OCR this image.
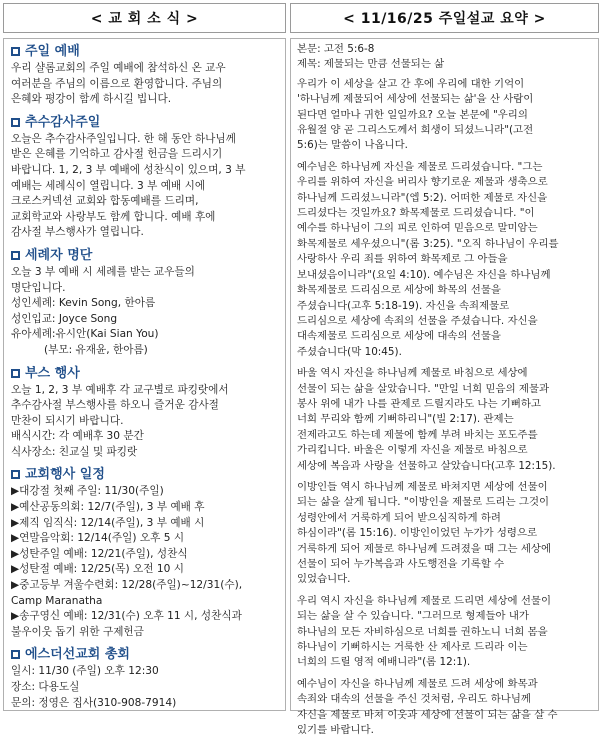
< 교 회 소 식 >	< 11/16/25 주일설교 요약 >
주일 예배
우리 샬롬교회의 주일 예배에 참석하신 온 교우
여러분을 주님의 이름으로 환영합니다. 주님의
은혜와 평강이 함께 하시길 빕니다.
추수감사주일
오늘은 추수감사주일입니다. 한 해 동안 하나님께
받은 은혜를 기억하고 감사절 헌금을 드리시기
바랍니다. 1, 2, 3 부 예배에 성찬식이 있으며, 3 부
예배는 세례식이 열립니다. 3 부 예배 시에
크로스커넥션 교회와 합동예배를 드리며,
교회학교와 사랑부도 함께 합니다. 예배 후에
감사절 부스행사가 열립니다.
세례자 명단
오늘 3 부 예배 시 세례를 받는 교우들의
명단입니다.
성인세례: Kevin Song, 한아름
성인입교: Joyce Song
유아세례:유시안(Kai Sian You)
(부모: 유재윤, 한아름)
부스 행사
오늘 1, 2, 3 부 예배후 각 교구별로 파킹랏에서
추수감사절 부스행사를 하오니 즐거운 감사절
만찬이 되시기 바랍니다.
배식시간: 각 예배후 30 분간
식사장소: 친교실 및 파킹랏
교회행사 일정
▶대강절 첫째 주일: 11/30(주일)
▶예산공동의회: 12/7(주일), 3 부 예배 후
▶제직 임직식: 12/14(주일), 3 부 예배 시
▶연말음악회: 12/14(주일) 오후 5 시
▶성탄주일 예배: 12/21(주일), 성찬식
▶성탄절 예배: 12/25(목) 오전 10 시
▶중고등부 겨울수련회: 12/28(주일)~12/31(수),
Camp Maranatha
▶송구영신 예배: 12/31(수) 오후 11 시, 성찬식과
불우이웃 돕기 위한 구제헌금
에스더선교회 총회
일시: 11/30 (주일) 오후 12:30
장소: 다용도실
문의: 정영은 집사(310-908-7914)
본문: 고전 5:6-8
제목: 제물되는 만큼 선물되는 삶
우리가 이 세상을 살고 간 후에 우리에 대한 기억이
'하나님께 제물되어 세상에 선물되는 삶'을 산 사람이
된다면 얼마나 귀한 일일까요? 오늘 본문에 "우리의
유월절 양 곧 그리스도께서 희생이 되셨느니라"(고전
5:6)는 말씀이 나옵니다.
예수님은 하나님께 자신을 제물로 드리셨습니다. "그는
우리를 위하여 자신을 버리사 향기로운 제물과 생축으로
하나님께 드리셨느니라"(엡 5:2). 어떠한 제물로 자신을
드리셨다는 것일까요? 화목제물로 드리셨습니다. "이
예수를 하나님이 그의 피로 인하여 믿음으로 말미암는
화목제물로 세우셨으니"(롬 3:25). "오직 하나님이 우리를
사랑하사 우리 죄를 위하여 화목제로 그 아들을
보내셨음이니라"(요일 4:10). 예수님은 자신을 하나님께
화목제물로 드리심으로 세상에 화목의 선물을
주셨습니다(고후 5:18-19). 자신을 속죄제물로
드리심으로 세상에 속죄의 선물을 주셨습니다. 자신을
대속제물로 드리심으로 세상에 대속의 선물을
주셨습니다(막 10:45).
바울 역시 자신을 하나님께 제물로 바침으로 세상에
선물이 되는 삶을 살았습니다. "만일 너희 믿음의 제물과
봉사 위에 내가 나를 관제로 드릴지라도 나는 기뻐하고
너희 무리와 함께 기뻐하리니"(빌 2:17). 관제는
전제라고도 하는데 제물에 함께 부려 바치는 포도주를
가리킵니다. 바울은 이렇게 자신을 제물로 바침으로
세상에 복음과 사랑을 선물하고 살았습니다(고후 12:15).
이방인들 역시 하나님께 제물로 바쳐지면 세상에 선물이
되는 삶을 살게 됩니다. "이방인을 제물로 드리는 그것이
성령안에서 거룩하게 되어 받으심직하게 하려
하심이라"(롬 15:16). 이방인이었던 누가가 성령으로
거룩하게 되어 제물로 하나님께 드려졌을 때 그는 세상에
선물이 되어 누가복음과 사도행전을 기록할 수
있었습니다.
우리 역시 자신을 하나님께 제물로 드리면 세상에 선물이
되는 삶을 살 수 있습니다. "그러므로 형제들아 내가
하나님의 모든 자비하심으로 너희를 권하노니 너희 몸을
하나님이 기뻐하시는 거룩한 산 제사로 드리라 이는
너희의 드릴 영적 예배니라"(롬 12:1).
예수님이 자신을 하나님께 제물로 드려 세상에 화목과
속죄와 대속의 선물을 주신 것처럼, 우리도 하나님께
자신을 제물로 바쳐 이웃과 세상에 선물이 되는 삶을 살 수
있기를 바랍니다.
